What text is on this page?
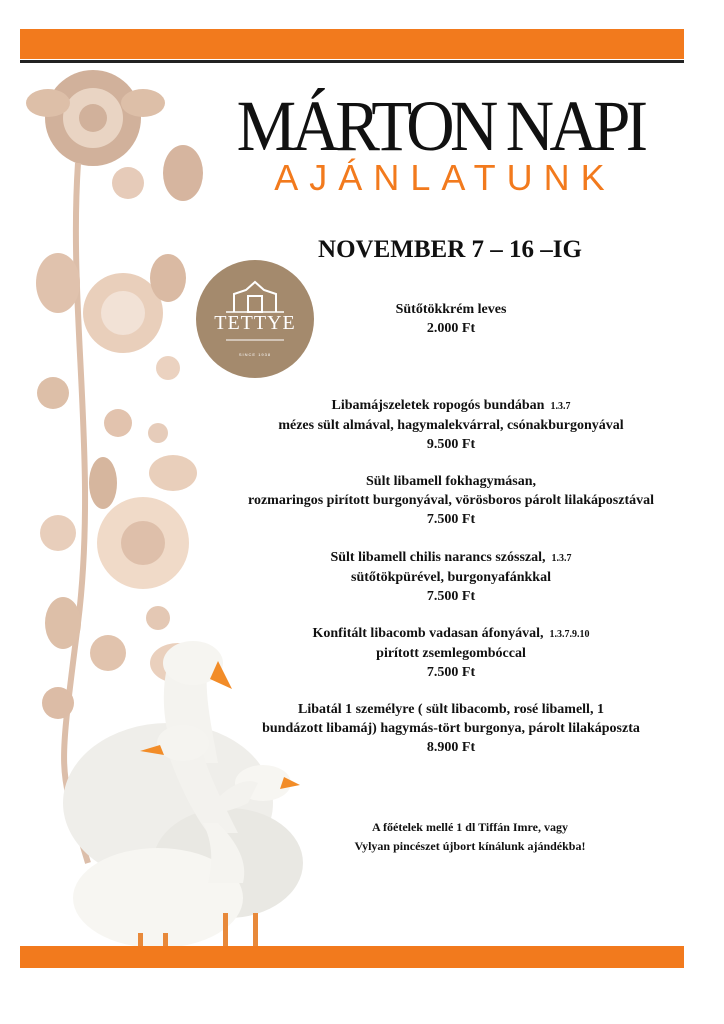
MÁRTON NAPI
AJÁNLATUNK
NOVEMBER 7 – 16 –IG
TETTYE
SINCE 1938
Sütőtökkrém leves
2.000 Ft
Libamájszeletek ropogós bundában 1.3.7
mézes sült almával, hagymalekvárral, csónakburgonyával
9.500 Ft
Sült libamell fokhagymásan,
rozmaringos pirított burgonyával, vörösboros párolt lilakáposztával
7.500 Ft
Sült libamell chilis narancs szósszal, 1.3.7
sütőtökpürével, burgonyafánkkal
7.500 Ft
Konfitált libacomb vadasan áfonyával, 1.3.7.9.10
pirított zsemlegombóccal
7.500 Ft
Libatál 1 személyre ( sült libacomb, rosé libamell, 1
bundázott libamáj) hagymás-tört burgonya, párolt lilakáposzta
8.900 Ft
A főételek mellé 1 dl Tiffán Imre, vagy
Vylyan pincészet újbort kínálunk ajándékba!
